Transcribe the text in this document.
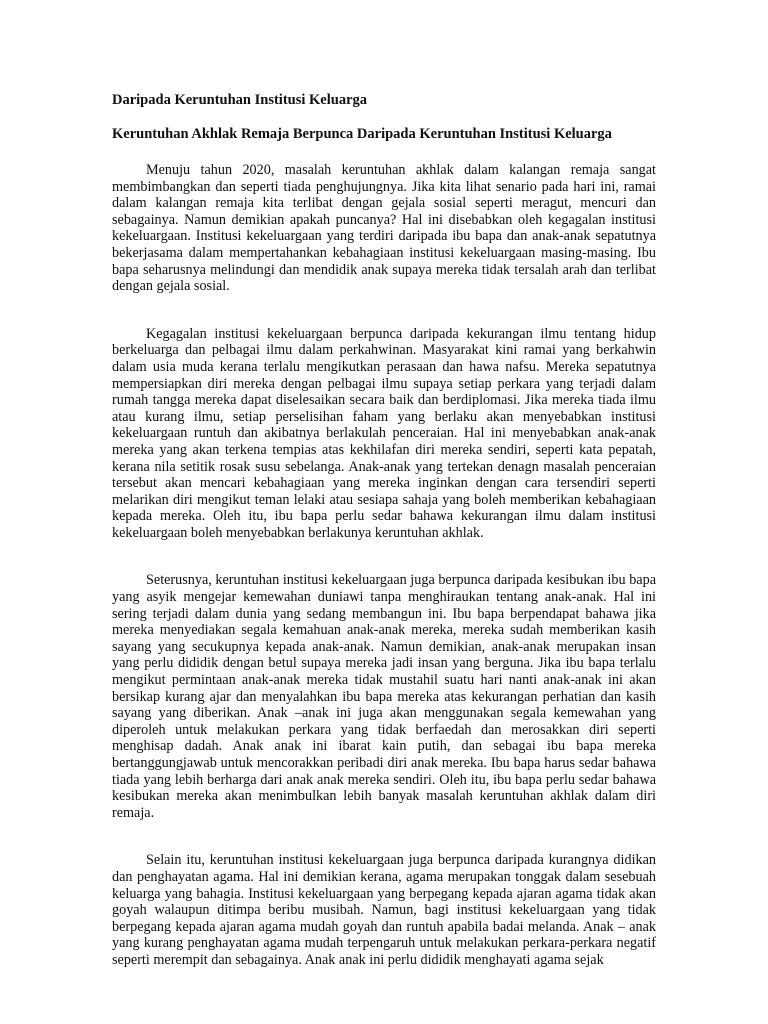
Daripada Keruntuhan Institusi Keluarga

Keruntuhan Akhlak Remaja Berpunca Daripada Keruntuhan Institusi Keluarga

Menuju tahun 2020, masalah keruntuhan akhlak dalam kalangan remaja sangat membimbangkan dan seperti tiada penghujungnya. Jika kita lihat senario pada hari ini, ramai dalam kalangan remaja kita terlibat dengan gejala sosial seperti meragut, mencuri dan sebagainya. Namun demikian apakah puncanya? Hal ini disebabkan oleh kegagalan institusi kekeluargaan. Institusi kekeluargaan yang terdiri daripada ibu bapa dan anak-anak sepatutnya bekerjasama dalam mempertahankan kebahagiaan institusi kekeluargaan masing-masing. Ibu bapa seharusnya melindungi dan mendidik anak supaya mereka tidak tersalah arah dan terlibat dengan gejala sosial.

Kegagalan institusi kekeluargaan berpunca daripada kekurangan ilmu tentang hidup berkeluarga dan pelbagai ilmu dalam perkahwinan. Masyarakat kini ramai yang berkahwin dalam usia muda kerana terlalu mengikutkan perasaan dan hawa nafsu. Mereka sepatutnya mempersiapkan diri mereka dengan pelbagai ilmu supaya setiap perkara yang terjadi dalam rumah tangga mereka dapat diselesaikan secara baik dan berdiplomasi. Jika mereka tiada ilmu atau kurang ilmu, setiap perselisihan faham yang berlaku akan menyebabkan institusi kekeluargaan runtuh dan akibatnya berlakulah penceraian. Hal ini menyebabkan anak-anak mereka yang akan terkena tempias atas kekhilafan diri mereka sendiri, seperti kata pepatah, kerana nila setitik rosak susu sebelanga. Anak-anak yang tertekan denagn masalah penceraian tersebut akan mencari kebahagiaan yang mereka inginkan dengan cara tersendiri seperti melarikan diri mengikut teman lelaki atau sesiapa sahaja yang boleh memberikan kebahagiaan kepada mereka. Oleh itu, ibu bapa perlu sedar bahawa kekurangan ilmu dalam institusi kekeluargaan boleh menyebabkan berlakunya keruntuhan akhlak.

Seterusnya, keruntuhan institusi kekeluargaan juga berpunca daripada kesibukan ibu bapa yang asyik mengejar kemewahan duniawi tanpa menghiraukan tentang anak-anak. Hal ini sering terjadi dalam dunia yang sedang membangun ini. Ibu bapa berpendapat bahawa jika mereka menyediakan segala kemahuan anak-anak mereka, mereka sudah memberikan kasih sayang yang secukupnya kepada anak-anak. Namun demikian, anak-anak merupakan insan yang perlu dididik dengan betul supaya mereka jadi insan yang berguna. Jika ibu bapa terlalu mengikut permintaan anak-anak mereka tidak mustahil suatu hari nanti anak-anak ini akan bersikap kurang ajar dan menyalahkan ibu bapa mereka atas kekurangan perhatian dan kasih sayang yang diberikan. Anak –anak ini juga akan menggunakan segala kemewahan yang diperoleh untuk melakukan perkara yang tidak berfaedah dan merosakkan diri seperti menghisap dadah. Anak anak ini ibarat kain putih, dan sebagai ibu bapa mereka bertanggungjawab untuk mencorakkan peribadi diri anak mereka. Ibu bapa harus sedar bahawa tiada yang lebih berharga dari anak anak mereka sendiri. Oleh itu, ibu bapa perlu sedar bahawa kesibukan mereka akan menimbulkan lebih banyak masalah keruntuhan akhlak dalam diri remaja.

Selain itu, keruntuhan institusi kekeluargaan juga berpunca daripada kurangnya didikan dan penghayatan agama. Hal ini demikian kerana, agama merupakan tonggak dalam sesebuah keluarga yang bahagia. Institusi kekeluargaan yang berpegang kepada ajaran agama tidak akan goyah walaupun ditimpa beribu musibah. Namun, bagi institusi kekeluargaan yang tidak berpegang kepada ajaran agama mudah goyah dan runtuh apabila badai melanda. Anak – anak yang kurang penghayatan agama mudah terpengaruh untuk melakukan perkara-perkara negatif seperti merempit dan sebagainya. Anak anak ini perlu dididik menghayati agama sejak
